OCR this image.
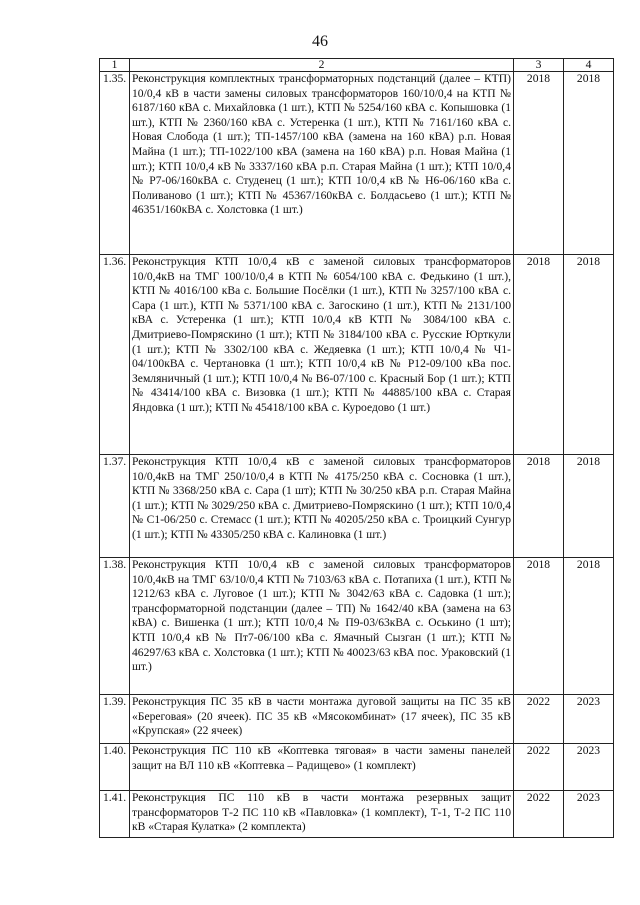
46
1	2	3	4
1.35.	Реконструкция комплектных трансформаторных подстанций (далее – КТП) 10/0,4 кВ в части замены силовых трансформаторов 160/10/0,4 на КТП № 6187/160 кВА с. Михайловка (1 шт.), КТП № 5254/160 кВА с. Копышовка (1 шт.), КТП № 2360/160 кВА с. Устеренка (1 шт.), КТП № 7161/160 кВА с. Новая Слобода (1 шт.); ТП-1457/100 кВА (замена на 160 кВА) р.п. Новая Майна (1 шт.); ТП-1022/100 кВА (замена на 160 кВА) р.п. Новая Майна (1 шт.); КТП 10/0,4 кВ № 3337/160 кВА р.п. Старая Майна (1 шт.); КТП 10/0,4 № Р7-06/160кВА с. Студенец (1 шт.); КТП 10/0,4 кВ № Н6-06/160 кВа с. Поливаново (1 шт.); КТП № 45367/160кВА с. Болдасьево (1 шт.); КТП № 46351/160кВА с. Холстовка (1 шт.)	2018	2018
1.36.	Реконструкция КТП 10/0,4 кВ с заменой силовых трансформаторов 10/0,4кВ на ТМГ 100/10/0,4 в КТП № 6054/100 кВА с. Федькино (1 шт.), КТП № 4016/100 кВа с. Большие Посёлки (1 шт.), КТП № 3257/100 кВА с. Сара (1 шт.), КТП № 5371/100 кВА с. Загоскино (1 шт.), КТП № 2131/100 кВА с. Устеренка (1 шт.); КТП 10/0,4 кВ КТП № 3084/100 кВА с. Дмитриево-Помряскино (1 шт.); КТП № 3184/100 кВА с. Русские Юрткули (1 шт.); КТП № 3302/100 кВА с. Жедяевка (1 шт.); КТП 10/0,4 № Ч1-04/100кВА с. Чертановка (1 шт.); КТП 10/0,4 кВ № Р12-09/100 кВа пос. Земляничный (1 шт.); КТП 10/0,4 № В6-07/100 с. Красный Бор (1 шт.); КТП № 43414/100 кВА с. Визовка (1 шт.); КТП № 44885/100 кВА с. Старая Яндовка (1 шт.); КТП № 45418/100 кВА с. Куроедово (1 шт.)	2018	2018
1.37.	Реконструкция КТП 10/0,4 кВ с заменой силовых трансформаторов 10/0,4кВ на ТМГ 250/10/0,4 в КТП № 4175/250 кВА с. Сосновка (1 шт.), КТП № 3368/250 кВА с. Сара (1 шт); КТП № 30/250 кВА р.п. Старая Майна (1 шт.); КТП № 3029/250 кВА с. Дмитриево-Помряскино (1 шт.); КТП 10/0,4 № С1-06/250 с. Стемасс (1 шт.); КТП № 40205/250 кВА с. Троицкий Сунгур (1 шт.); КТП № 43305/250 кВА с. Калиновка (1 шт.)	2018	2018
1.38.	Реконструкция КТП 10/0,4 кВ с заменой силовых трансформаторов 10/0,4кВ на ТМГ 63/10/0,4 КТП № 7103/63 кВА с. Потапиха (1 шт.), КТП № 1212/63 кВА с. Луговое (1 шт.); КТП № 3042/63 кВА с. Садовка (1 шт.); трансформаторной подстанции (далее – ТП) № 1642/40 кВА (замена на 63 кВА) с. Вишенка (1 шт.); КТП 10/0,4 № П9-03/63кВА с. Оськино (1 шт); КТП 10/0,4 кВ № Пт7-06/100 кВа с. Ямачный Сызган (1 шт.); КТП № 46297/63 кВА с. Холстовка (1 шт.); КТП № 40023/63 кВА пос. Ураковский (1 шт.)	2018	2018
1.39.	Реконструкция ПС 35 кВ в части монтажа дуговой защиты на ПС 35 кВ «Береговая» (20 ячеек). ПС 35 кВ «Мясокомбинат» (17 ячеек), ПС 35 кВ «Крупская» (22 ячеек)	2022	2023
1.40.	Реконструкция ПС 110 кВ «Коптевка тяговая» в части замены панелей защит на ВЛ 110 кВ «Коптевка – Радищево» (1 комплект)	2022	2023
1.41.	Реконструкция ПС 110 кВ в части монтажа резервных защит трансформаторов Т-2 ПС 110 кВ «Павловка» (1 комплект), Т-1, Т-2 ПС 110 кВ «Старая Кулатка» (2 комплекта)	2022	2023
